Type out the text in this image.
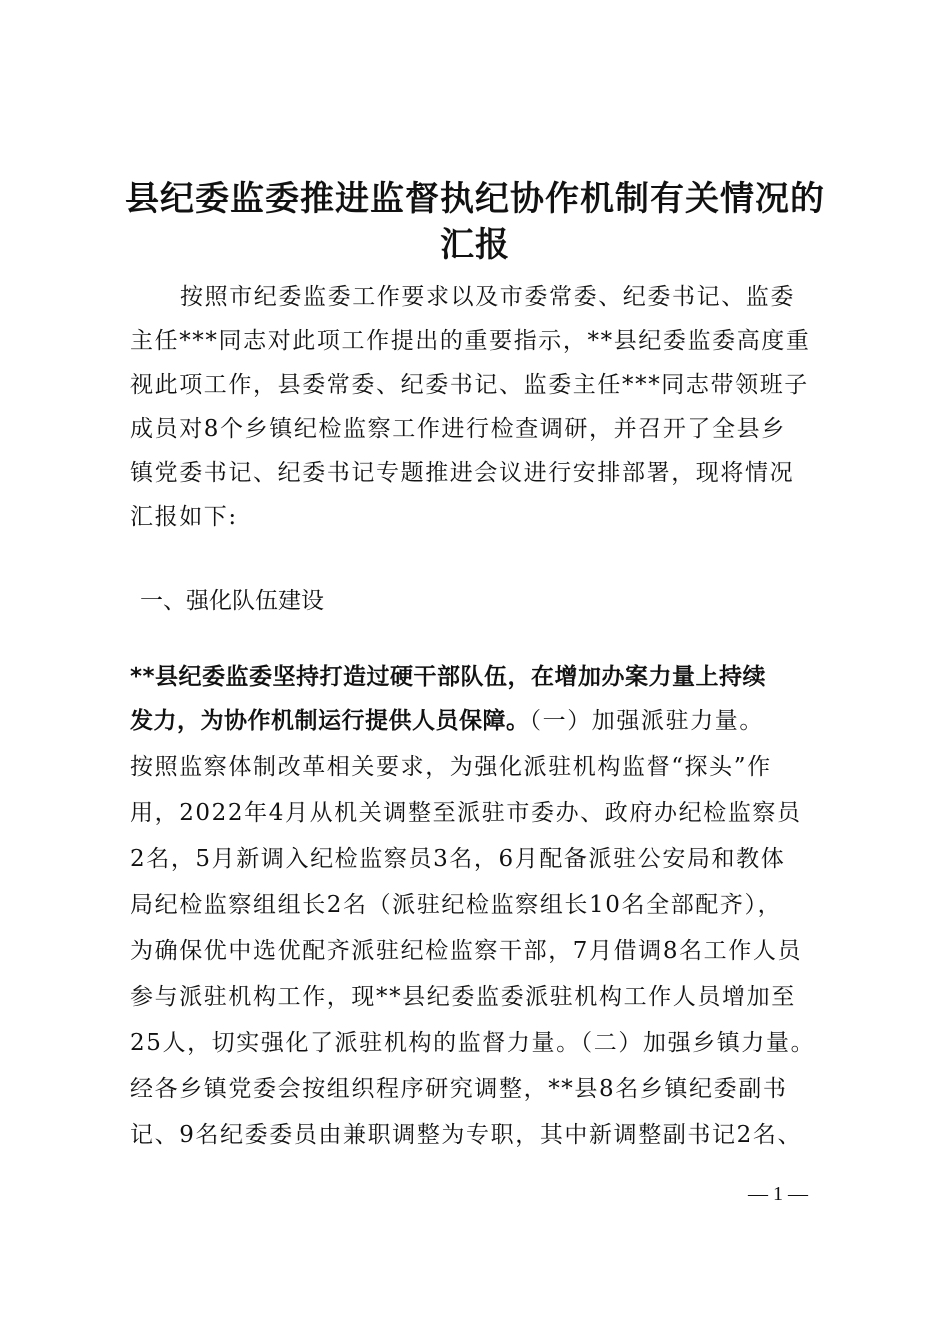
县纪委监委推进监督执纪协作机制有关情况的
汇报
按照市纪委监委工作要求以及市委常委、纪委书记、监委
主任***同志对此项工作提出的重要指示，**县纪委监委高度重
视此项工作，县委常委、纪委书记、监委主任***同志带领班子
成员对8个乡镇纪检监察工作进行检查调研，并召开了全县乡
镇党委书记、纪委书记专题推进会议进行安排部署，现将情况
汇报如下:
一、强化队伍建设
**县纪委监委坚持打造过硬干部队伍，在增加办案力量上持续
发力，为协作机制运行提供人员保障。（一）加强派驻力量。
按照监察体制改革相关要求，为强化派驻机构监督“探头”作
用，2022年4月从机关调整至派驻市委办、政府办纪检监察员
2名，5月新调入纪检监察员3名，6月配备派驻公安局和教体
局纪检监察组组长2名（派驻纪检监察组长10名全部配齐），
为确保优中选优配齐派驻纪检监察干部，7月借调8名工作人员
参与派驻机构工作，现**县纪委监委派驻机构工作人员增加至
25人，切实强化了派驻机构的监督力量。（二）加强乡镇力量。
经各乡镇党委会按组织程序研究调整，**县8名乡镇纪委副书
记、9名纪委委员由兼职调整为专职，其中新调整副书记2名、
— 1 —
